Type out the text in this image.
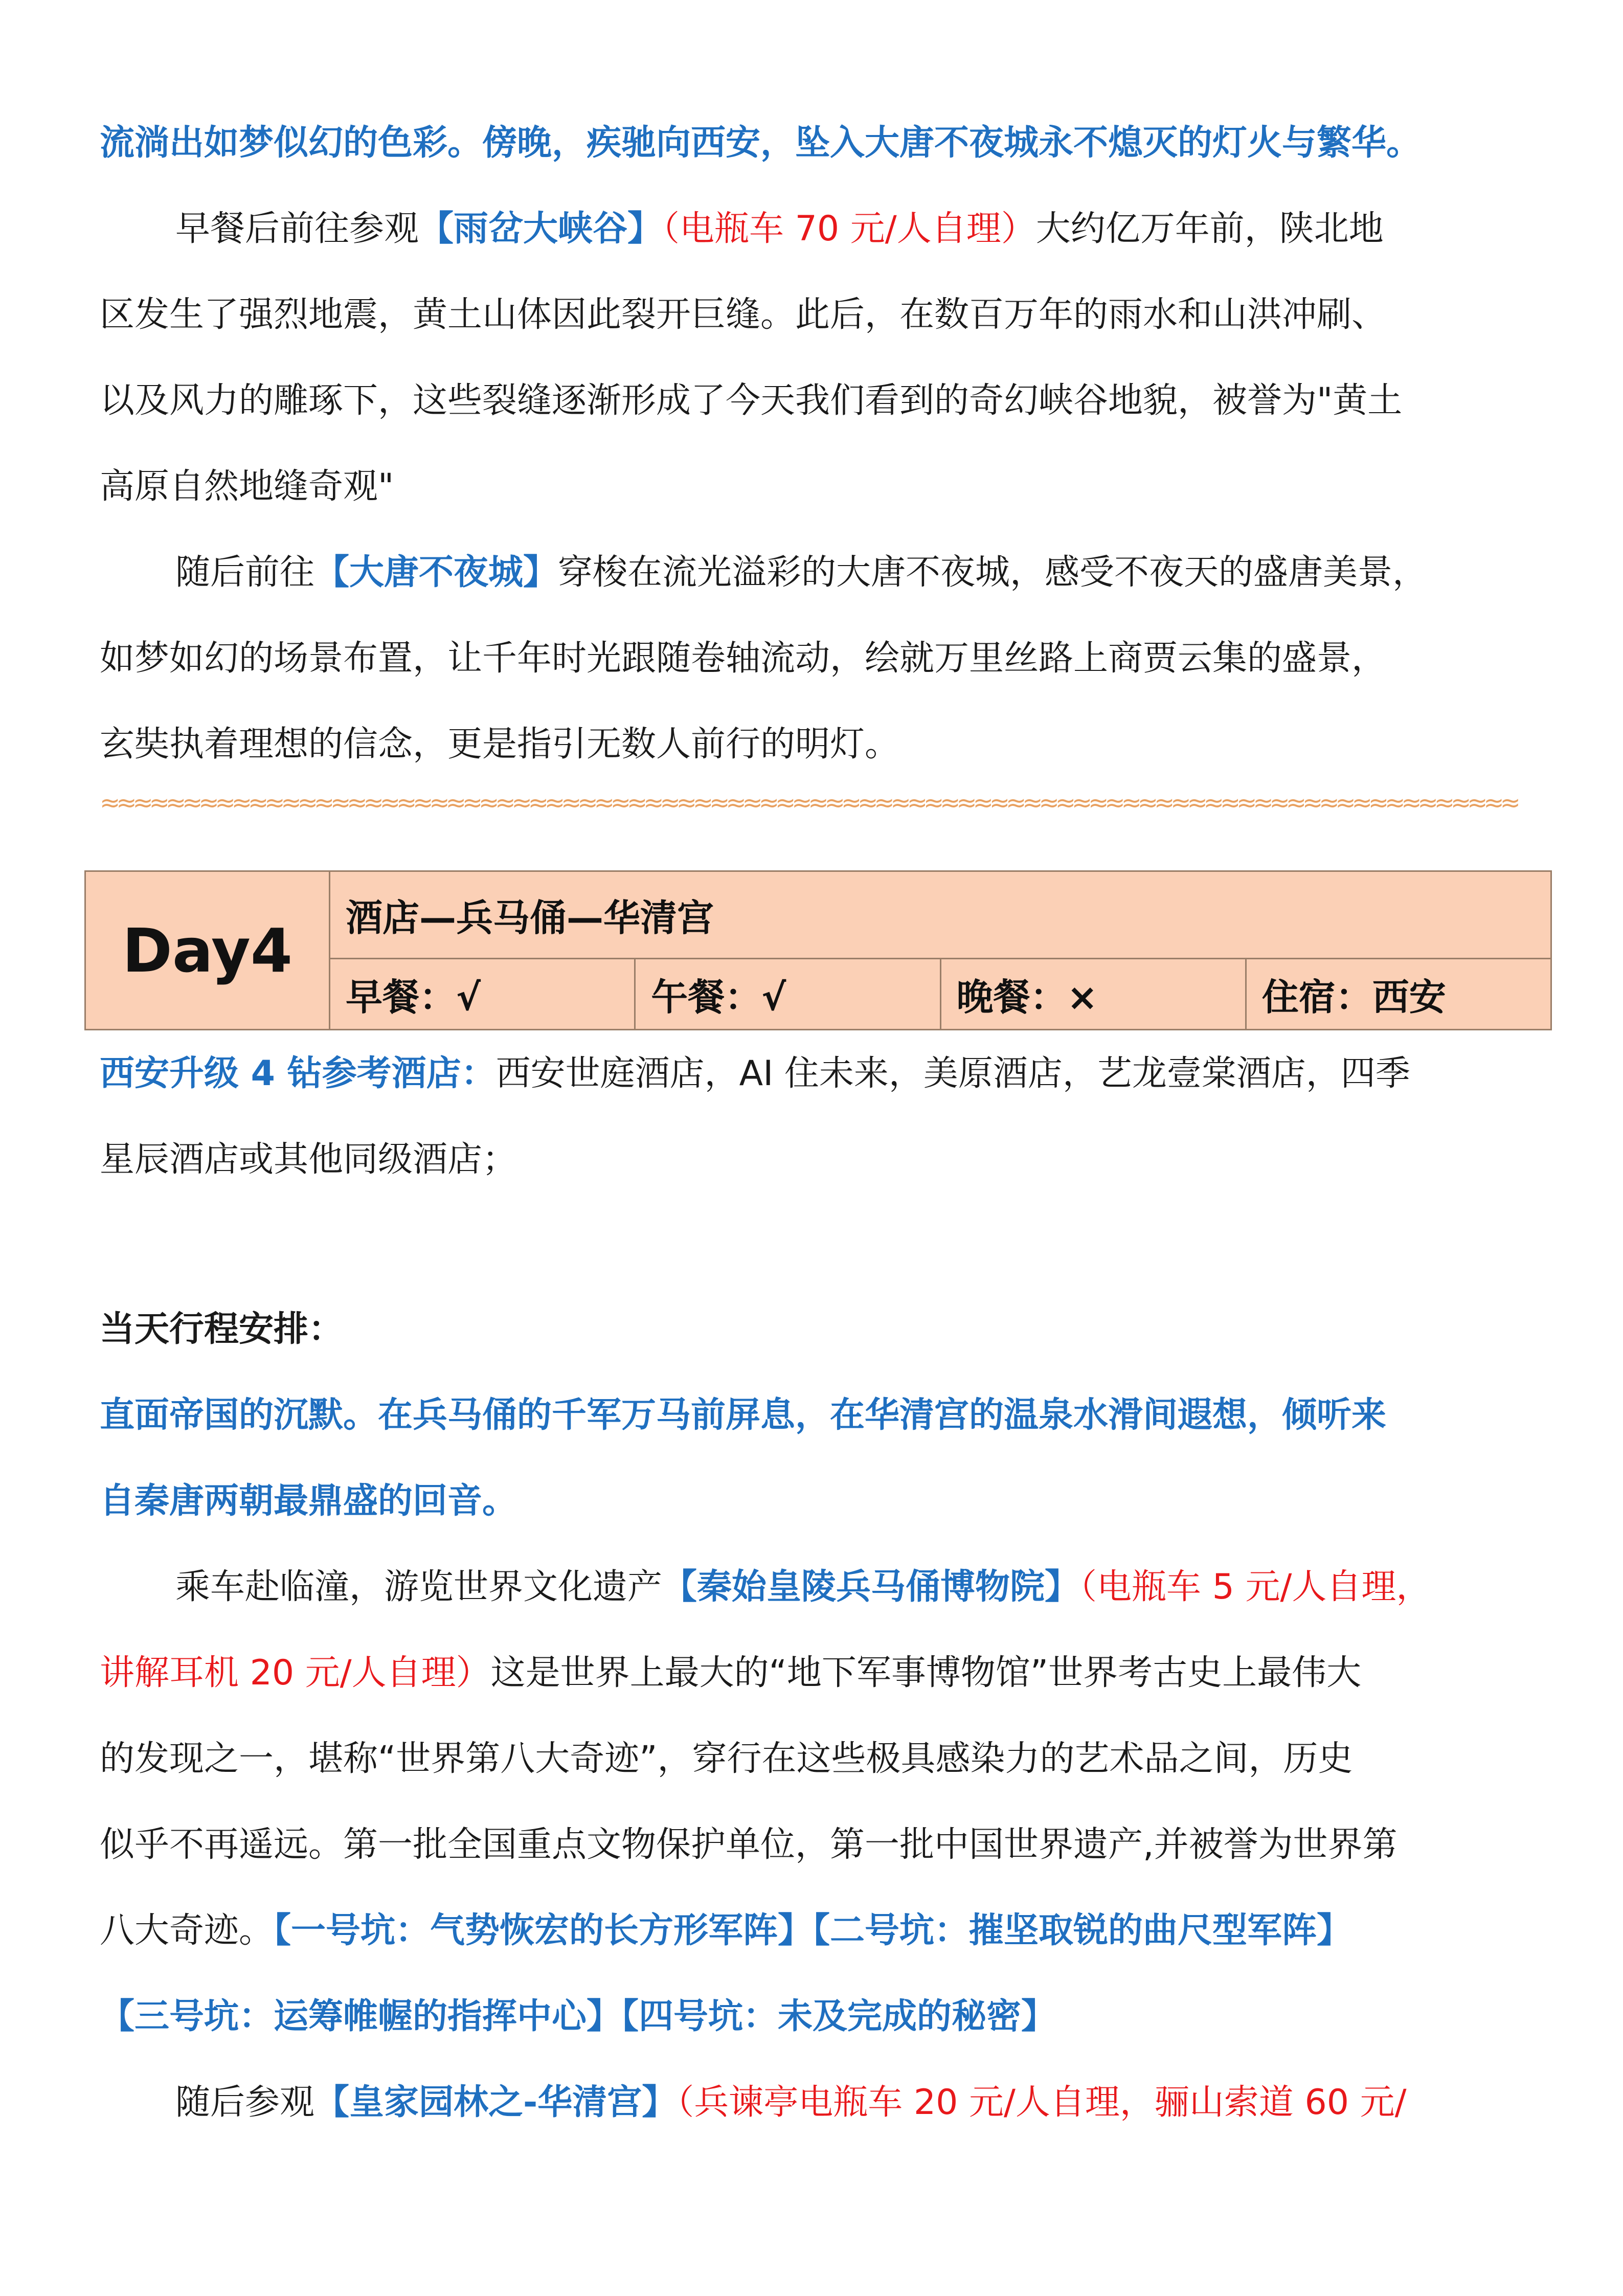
流淌出如梦似幻的色彩。傍晚，疾驰向西安，坠入大唐不夜城永不熄灭的灯火与繁华。
早餐后前往参观【雨岔大峡谷】（电瓶车 70 元/人自理）大约亿万年前，陕北地
区发生了强烈地震，黄土山体因此裂开巨缝。此后，在数百万年的雨水和山洪冲刷、
以及风力的雕琢下，这些裂缝逐渐形成了今天我们看到的奇幻峡谷地貌，被誉为"黄土
高原自然地缝奇观"
随后前往【大唐不夜城】穿梭在流光溢彩的大唐不夜城，感受不夜天的盛唐美景，
如梦如幻的场景布置，让千年时光跟随卷轴流动，绘就万里丝路上商贾云集的盛景，
玄奘执着理想的信念，更是指引无数人前行的明灯。
≈≈≈≈≈≈≈≈≈≈≈≈≈≈≈≈≈≈≈≈≈≈≈≈≈≈≈≈≈≈≈≈≈≈≈≈≈≈≈≈≈≈≈≈≈≈≈≈≈≈≈≈≈≈≈≈≈≈≈≈≈≈≈≈≈≈≈≈≈≈≈≈≈≈≈≈≈≈≈≈≈≈≈≈≈≈
Day4	酒店—兵马俑—华清宫			
	早餐：√	午餐：√	晚餐：×	住宿：西安
西安升级 4 钻参考酒店：西安世庭酒店，AI 住未来，美原酒店，艺龙壹棠酒店，四季
星辰酒店或其他同级酒店；
当天行程安排：
直面帝国的沉默。在兵马俑的千军万马前屏息，在华清宫的温泉水滑间遐想，倾听来
自秦唐两朝最鼎盛的回音。
乘车赴临潼，游览世界文化遗产【秦始皇陵兵马俑博物院】（电瓶车 5 元/人自理，
讲解耳机 20 元/人自理）这是世界上最大的“地下军事博物馆”世界考古史上最伟大
的发现之一，堪称“世界第八大奇迹”，穿行在这些极具感染力的艺术品之间，历史
似乎不再遥远。第一批全国重点文物保护单位，第一批中国世界遗产,并被誉为世界第
八大奇迹。【一号坑：气势恢宏的长方形军阵】【二号坑：摧坚取锐的曲尺型军阵】
【三号坑：运筹帷幄的指挥中心】【四号坑：未及完成的秘密】
随后参观【皇家园林之-华清宫】（兵谏亭电瓶车 20 元/人自理，骊山索道 60 元/
